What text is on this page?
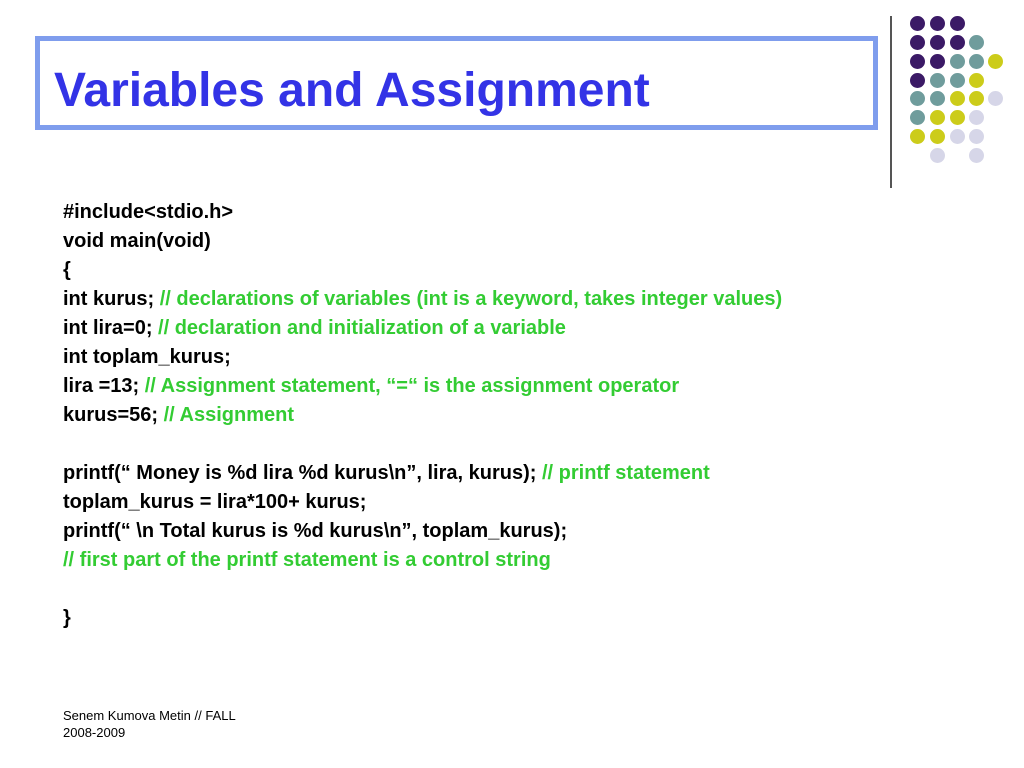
Variables and Assignment
#include<stdio.h>
void main(void)
{
int kurus; // declarations of variables (int is a keyword, takes integer values)
int lira=0; // declaration and initialization of a variable
int toplam_kurus;
lira =13; // Assignment statement, “=“ is the assignment operator
kurus=56; // Assignment
printf(“ Money is %d lira %d kurus\n”, lira, kurus); // printf statement
toplam_kurus = lira*100+ kurus;
printf(“ \n Total kurus is %d kurus\n”, toplam_kurus);
// first part of the printf statement is a control string
}
Senem Kumova Metin // FALL
2008-2009
